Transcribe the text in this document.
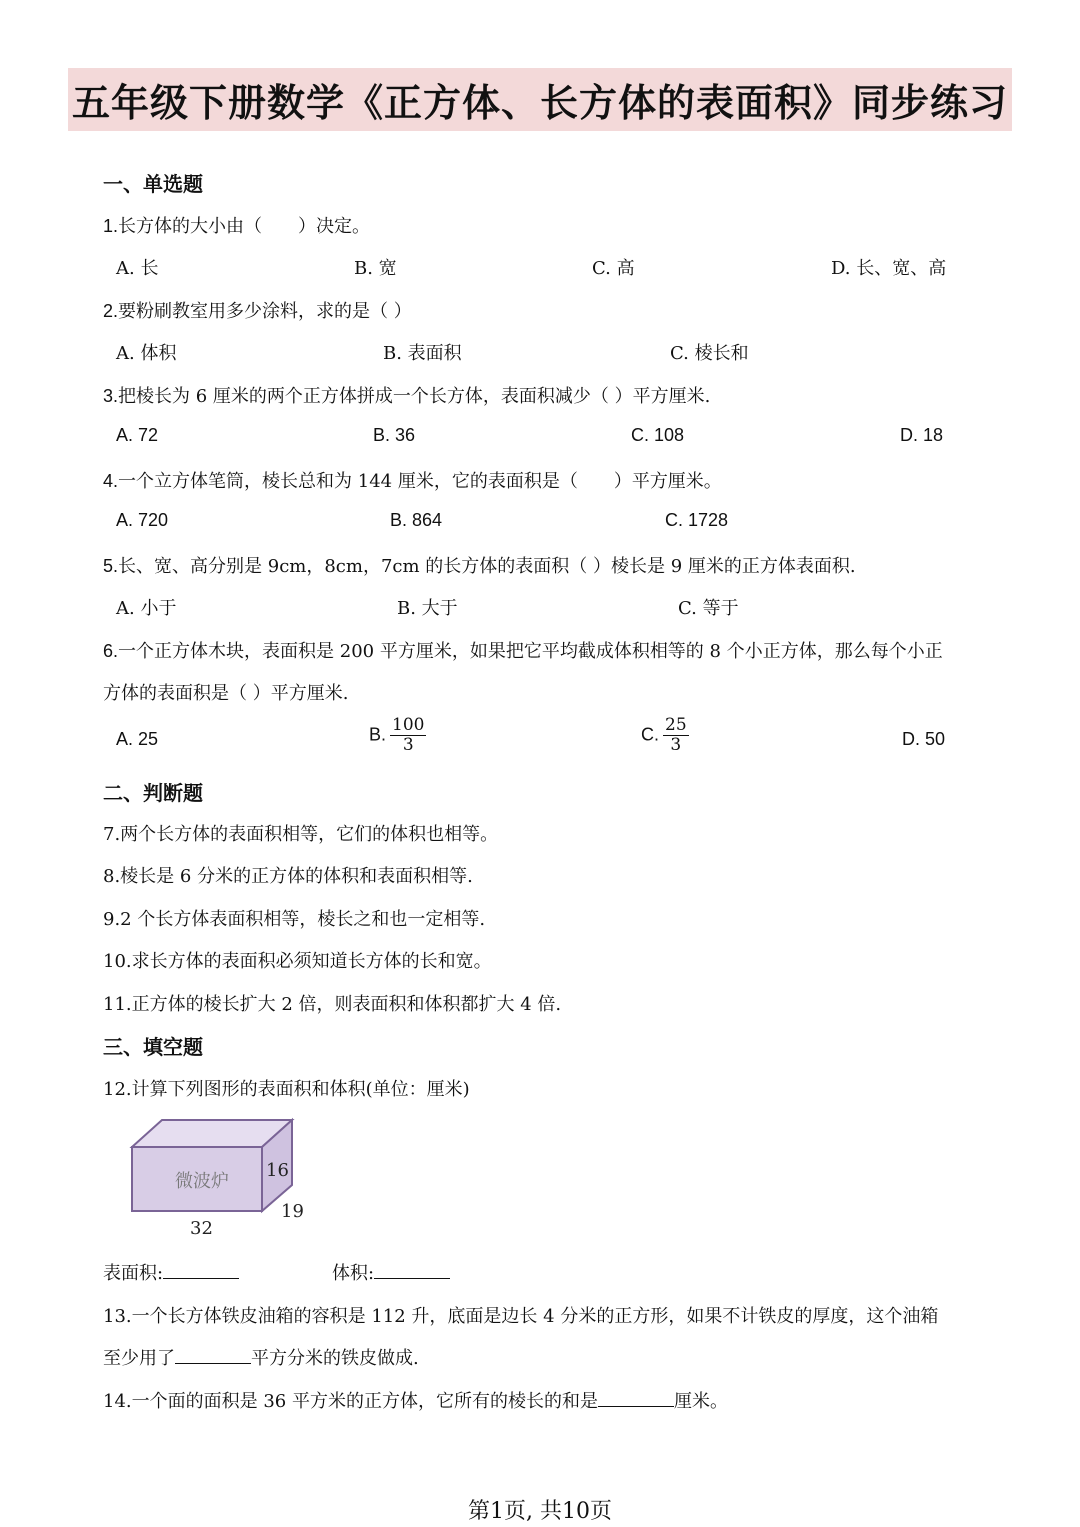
五年级下册数学《正方体、长方体的表面积》同步练习
一、单选题
1.长方体的大小由（　　）决定。
A. 长	B. 宽	C. 高	D. 长、宽、高
2.要粉刷教室用多少涂料，求的是（ ）
A. 体积	B. 表面积	C. 棱长和
3.把棱长为 6 厘米的两个正方体拼成一个长方体，表面积减少（ ）平方厘米.
A. 72	B. 36	C. 108	D. 18
4.一个立方体笔筒，棱长总和为 144 厘米，它的表面积是（　　）平方厘米。
A. 720	B. 864	C. 1728
5.长、宽、高分别是 9cm，8cm，7cm 的长方体的表面积（ ）棱长是 9 厘米的正方体表面积.
A. 小于	B. 大于	C. 等于
6.一个正方体木块，表面积是 200 平方厘米，如果把它平均截成体积相等的 8 个小正方体，那么每个小正
方体的表面积是（ ）平方厘米.
A. 25	B. $\frac{100}{3}$	C. $\frac{25}{3}$	D. 50
二、判断题
7.两个长方体的表面积相等，它们的体积也相等。
8.棱长是 6 分米的正方体的体积和表面积相等.
9.2 个长方体表面积相等，棱长之和也一定相等.
10.求长方体的表面积必须知道长方体的长和宽。
11.正方体的棱长扩大 2 倍，则表面积和体积都扩大 4 倍.
三、填空题
12.计算下列图形的表面积和体积(单位：厘米)
微波炉
16
19
32
表面积:	体积:
13.一个长方体铁皮油箱的容积是 112 升，底面是边长 4 分米的正方形，如果不计铁皮的厚度，这个油箱
至少用了	平方分米的铁皮做成.
14.一个面的面积是 36 平方米的正方体，它所有的棱长的和是	厘米。
第1页, 共10页
